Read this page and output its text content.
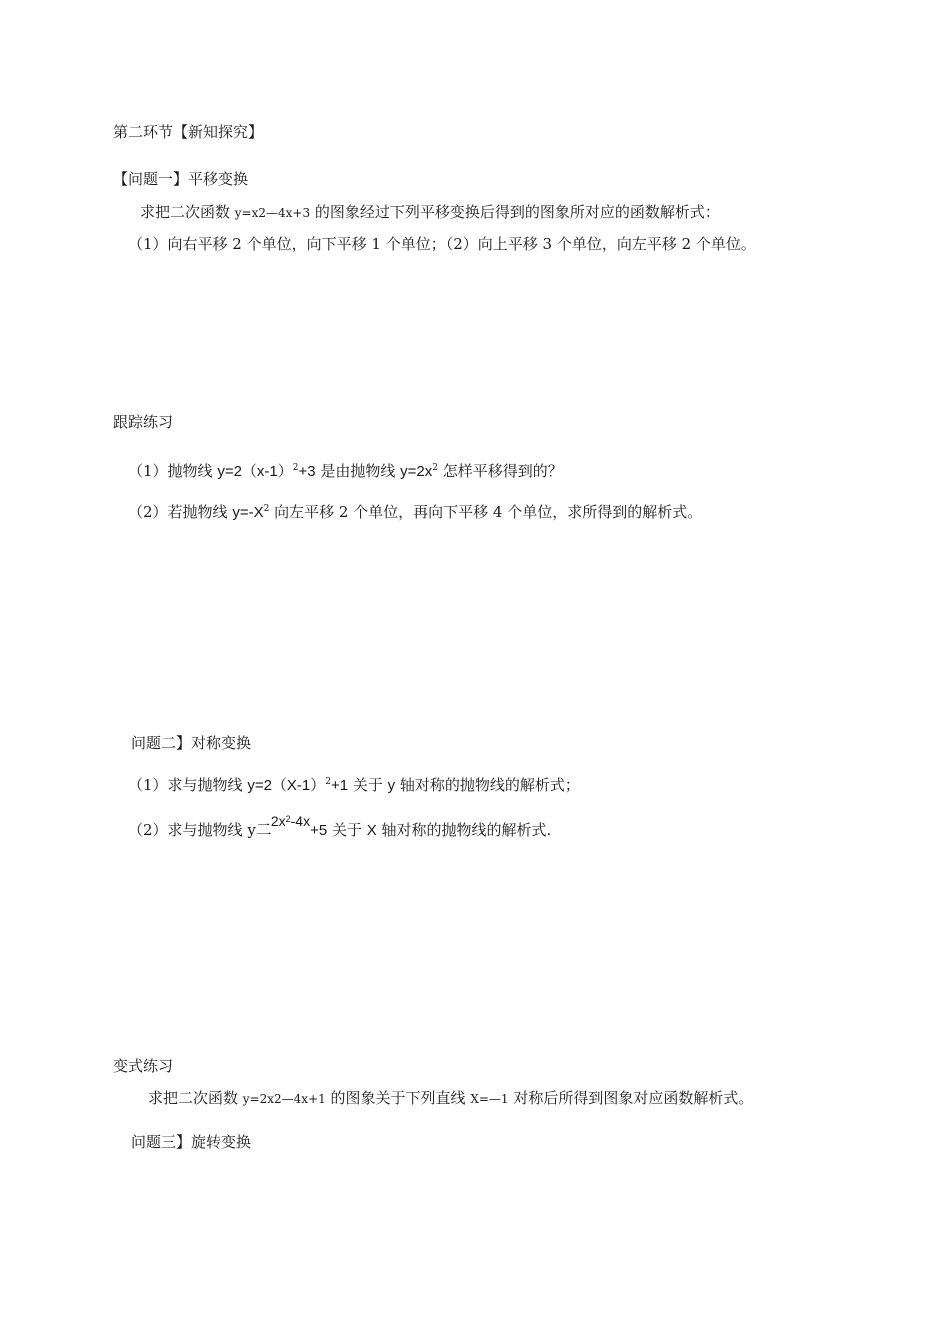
第二环节【新知探究】
【问题一】平移变换
求把二次函数 y=x2—4x+3 的图象经过下列平移变换后得到的图象所对应的函数解析式：
（1）向右平移 2 个单位，向下平移 1 个单位；（2）向上平移 3 个单位，向左平移 2 个单位。
跟踪练习
（1）抛物线 $y=2(x-1)^2+3$ 是由抛物线 $y=2x^2$ 怎样平移得到的？
（2）若抛物线 $y=-X^2$ 向左平移 2 个单位，再向下平移 4 个单位，求所得到的解析式。
问题二】对称变换
（1）求与抛物线 $y=2(X-1)^2+1$ 关于 y 轴对称的抛物线的解析式；
（2）求与抛物线 y二$2x^2-4x+5$ 关于 X 轴对称的抛物线的解析式.
变式练习
求把二次函数 y=2x2—4x+1 的图象关于下列直线 X=—1 对称后所得到图象对应函数解析式。
问题三】旋转变换
